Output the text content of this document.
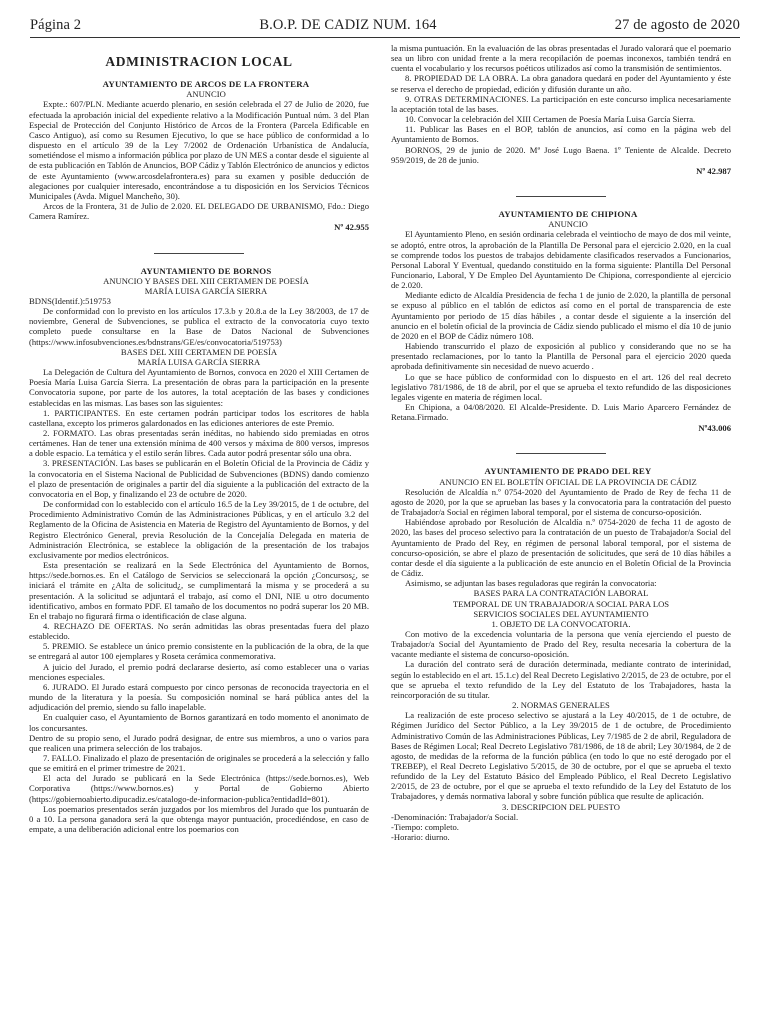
Página 2	B.O.P. DE CADIZ NUM. 164	27 de agosto de 2020
ADMINISTRACION LOCAL

AYUNTAMIENTO DE ARCOS DE LA FRONTERA

ANUNCIO

Expte.: 607/PLN. Mediante acuerdo plenario, en sesión celebrada el 27 de Julio de 2020, fue efectuada la aprobación inicial del expediente relativo a la Modificación Puntual núm. 3 del Plan Especial de Protección del Conjunto Histórico de Arcos de la Frontera (Parcela Edificable en Casco Antiguo), así como su Resumen Ejecutivo, lo que se hace público de conformidad a lo dispuesto en el artículo 39 de la Ley 7/2002 de Ordenación Urbanística de Andalucía, sometiéndose el mismo a información pública por plazo de UN MES a contar desde el siguiente al de esta publicación en Tablón de Anuncios, BOP Cádiz y Tablón Electrónico de anuncios y edictos de este Ayuntamiento (www.arcosdelafrontera.es) para su examen y posible deducción de alegaciones por cualquier interesado, encontrándose a tu disposición en los Servicios Técnicos Municipales (Avda. Miguel Mancheño, 30).

Arcos de la Frontera, 31 de Julio de 2.020. EL DELEGADO DE URBANISMO, Fdo.: Diego Camera Ramírez.

Nº 42.955

AYUNTAMIENTO DE BORNOS

ANUNCIO Y BASES DEL XIII CERTAMEN DE POESÍA

MARÍA LUISA GARCÍA SIERRA

BDNS(Identif.):519753

De conformidad con lo previsto en los artículos 17.3.b y 20.8.a de la Ley 38/2003, de 17 de noviembre, General de Subvenciones, se publica el extracto de la convocatoria cuyo texto completo puede consultarse en la Base de Datos Nacional de Subvenciones (https://www.infosubvenciones.es/bdnstrans/GE/es/convocatoria/519753)

BASES DEL XIII CERTAMEN DE POESÍA

MARÍA LUISA GARCÍA SIERRA

La Delegación de Cultura del Ayuntamiento de Bornos, convoca en 2020 el XIII Certamen de Poesía María Luisa García Sierra. La presentación de obras para la participación en la presente Convocatoria supone, por parte de los autores, la total aceptación de las bases y condiciones establecidas en las mismas. Las bases son las siguientes:

1. PARTICIPANTES. En este certamen podrán participar todos los escritores de habla castellana, excepto los primeros galardonados en las ediciones anteriores de este Premio.

2. FORMATO. Las obras presentadas serán inéditas, no habiendo sido premiadas en otros certámenes. Han de tener una extensión mínima de 400 versos y máxima de 800 versos, impresos a doble espacio. La temática y el estilo serán libres. Cada autor podrá presentar sólo una obra.

3. PRESENTACIÓN. Las bases se publicarán en el Boletín Oficial de la Provincia de Cádiz y la convocatoria en el Sistema Nacional de Publicidad de Subvenciones (BDNS) dando comienzo el plazo de presentación de originales a partir del día siguiente a la publicación del extracto de la convocatoria en el Bop, y finalizando el 23 de octubre de 2020.

De conformidad con lo establecido con el artículo 16.5 de la Ley 39/2015, de 1 de octubre, del Procedimiento Administrativo Común de las Administraciones Públicas, y en el artículo 3.2 del Reglamento de la Oficina de Asistencia en Materia de Registro del Ayuntamiento de Bornos, y del Registro Electrónico General, previa Resolución de la Concejalía Delegada en materia de Administración Electrónica, se establece la obligación de la presentación de los trabajos exclusivamente por medios electrónicos.

Esta presentación se realizará en la Sede Electrónica del Ayuntamiento de Bornos, https://sede.bornos.es. En el Catálogo de Servicios se seleccionará la opción ¿Concursos¿, se iniciará el trámite en ¿Alta de solicitud¿, se cumplimentará la misma y se procederá a su presentación. A la solicitud se adjuntará el trabajo, así como el DNI, NIE u otro documento identificativo, ambos en formato PDF. El tamaño de los documentos no podrá superar los 20 MB. En el trabajo no figurará firma o identificación de clase alguna.

4. RECHAZO DE OFERTAS. No serán admitidas las obras presentadas fuera del plazo establecido.

5. PREMIO. Se establece un único premio consistente en la publicación de la obra, de la que se entregará al autor 100 ejemplares y Roseta cerámica conmemorativa.

A juicio del Jurado, el premio podrá declararse desierto, así como establecer una o varias menciones especiales.

6. JURADO. El Jurado estará compuesto por cinco personas de reconocida trayectoria en el mundo de la literatura y la poesía. Su composición nominal se hará pública antes del la adjudicación del premio, siendo su fallo inapelable.

En cualquier caso, el Ayuntamiento de Bornos garantizará en todo momento el anonimato de los concursantes.

Dentro de su propio seno, el Jurado podrá designar, de entre sus miembros, a uno o varios para que realicen una primera selección de los trabajos.

7. FALLO. Finalizado el plazo de presentación de originales se procederá a la selección y fallo que se emitirá en el primer trimestre de 2021.

El acta del Jurado se publicará en la Sede Electrónica (https://sede.bornos.es), Web Corporativa (https://www.bornos.es) y Portal de Gobierno Abierto (https://gobiernoabierto.dipucadiz.es/catalogo-de-informacion-publica?entidadId=801).

Los poemarios presentados serán juzgados por los miembros del Jurado que los puntuarán de 0 a 10. La persona ganadora será la que obtenga mayor puntuación, procediéndose, en caso de empate, a una deliberación adicional entre los poemarios con

la misma puntuación. En la evaluación de las obras presentadas el Jurado valorará que el poemario sea un libro con unidad frente a la mera recopilación de poemas inconexos, también tendrá en cuenta el vocabulario y los recursos poéticos utilizados así como la transmisión de sentimientos.

8. PROPIEDAD DE LA OBRA. La obra ganadora quedará en poder del Ayuntamiento y éste se reserva el derecho de propiedad, edición y difusión durante un año.

9. OTRAS DETERMINACIONES. La participación en este concurso implica necesariamente la aceptación total de las bases.

10. Convocar la celebración del XIII Certamen de Poesía María Luisa García Sierra.

11. Publicar las Bases en el BOP, tablón de anuncios, así como en la página web del Ayuntamiento de Bornos.

BORNOS, 29 de junio de 2020. Mª José Lugo Baena. 1º Teniente de Alcalde. Decreto 959/2019, de 28 de junio.

Nº 42.987

AYUNTAMIENTO DE CHIPIONA

ANUNCIO

El Ayuntamiento Pleno, en sesión ordinaria celebrada el veintiocho de mayo de dos mil veinte, se adoptó, entre otros, la aprobación de la Plantilla De Personal para el ejercicio 2.020, en la cual se comprende todos los puestos de trabajos debidamente clasificados reservados a Funcionarios, Personal Laboral Y Eventual, quedando constituido en la forma siguiente: Plantilla Del Personal Funcionario, Laboral, Y De Empleo Del Ayuntamiento De Chipiona, correspondiente al ejercicio de 2.020.

Mediante edicto de Alcaldía Presidencia de fecha 1 de junio de 2.020, la plantilla de personal se expuso al público en el tablón de edictos así como en el portal de transparencia de este Ayuntamiento por periodo de 15 días hábiles , a contar desde el siguiente a la inserción del anuncio en el boletín oficial de la provincia de Cádiz siendo publicado el mismo el día 10 de junio de 2020 en el BOP de Cádiz número 108.

Habiendo transcurrido el plazo de exposición al publico y considerando que no se ha presentado reclamaciones, por lo tanto la Plantilla de Personal para el ejercicio 2020 queda aprobada definitivamente sin necesidad de nuevo acuerdo .

Lo que se hace público de conformidad con lo dispuesto en el art. 126 del real decreto legislativo 781/1986, de 18 de abril, por el que se aprueba el texto refundido de las disposiciones legales vigente en materia de régimen local.

En Chipiona, a 04/08/2020. El Alcalde-Presidente. D. Luis Mario Aparcero Fernández de Retana.Firmado.

Nº43.006

AYUNTAMIENTO DE PRADO DEL REY

ANUNCIO EN EL BOLETÍN OFICIAL DE LA PROVINCIA DE CÁDIZ

Resolución de Alcaldía n.º 0754-2020 del Ayuntamiento de Prado de Rey de fecha 11 de agosto de 2020, por la que se aprueban las bases y la convocatoria para la contratación del puesto de Trabajador/a Social en régimen laboral temporal, por el sistema de concurso-oposición.

Habiéndose aprobado por Resolución de Alcaldía n.º 0754-2020 de fecha 11 de agosto de 2020, las bases del proceso selectivo para la contratación de un puesto de Trabajador/a Social del Ayuntamiento de Prado del Rey, en régimen de personal laboral temporal, por el sistema de concurso-oposición, se abre el plazo de presentación de solicitudes, que será de 10 días hábiles a contar desde el día siguiente a la publicación de este anuncio en el Boletín Oficial de la Provincia de Cádiz.

Asimismo, se adjuntan las bases reguladoras que regirán la convocatoria:

BASES PARA LA CONTRATACIÓN LABORAL

TEMPORAL DE UN TRABAJADOR/A SOCIAL PARA LOS

SERVICIOS SOCIALES DEL AYUNTAMIENTO

1. OBJETO DE LA CONVOCATORIA.

Con motivo de la excedencia voluntaria de la persona que venía ejerciendo el puesto de Trabajador/a Social del Ayuntamiento de Prado del Rey, resulta necesaria la cobertura de la vacante mediante el sistema de concurso-oposición.

La duración del contrato será de duración determinada, mediante contrato de interinidad, según lo establecido en el art. 15.1.c) del Real Decreto Legislativo 2/2015, de 23 de octubre, por el que se aprueba el texto refundido de la Ley del Estatuto de los Trabajadores, hasta la reincorporación de su titular.

2. NORMAS GENERALES

La realización de este proceso selectivo se ajustará a la Ley 40/2015, de 1 de octubre, de Régimen Jurídico del Sector Público, a la Ley 39/2015 de 1 de octubre, de Procedimiento Administrativo Común de las Administraciones Públicas, Ley 7/1985 de 2 de abril, Reguladora de Bases de Régimen Local; Real Decreto Legislativo 781/1986, de 18 de abril; Ley 30/1984, de 2 de agosto, de medidas de la reforma de la función pública (en todo lo que no esté derogado por el TREBEP), el Real Decreto Legislativo 5/2015, de 30 de octubre, por el que se aprueba el texto refundido de la Ley del Estatuto Básico del Empleado Público, el Real Decreto Legislativo 2/2015, de 23 de octubre, por el que se aprueba el texto refundido de la Ley del Estatuto de los Trabajadores, y demás normativa laboral y sobre función pública que resulte de aplicación.

3. DESCRIPCION DEL PUESTO

-Denominación: Trabajador/a Social.

-Tiempo: completo.

-Horario: diurno.
